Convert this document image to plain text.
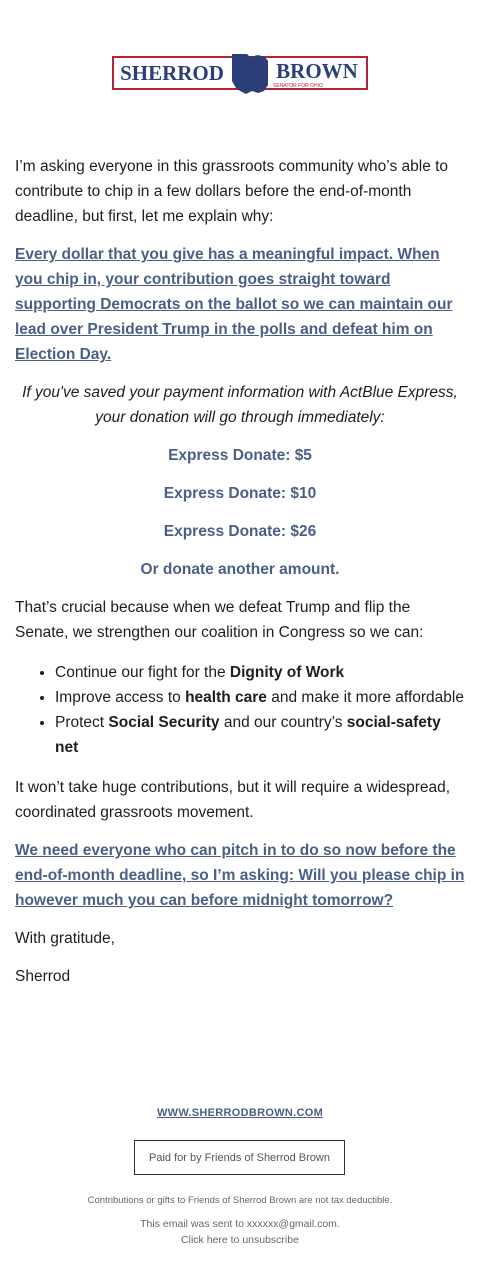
SHERROD BROWN
SENATOR FOR OHIO

I’m asking everyone in this grassroots community who’s able to contribute to chip in a few dollars before the end-of-month deadline, but first, let me explain why:

Every dollar that you give has a meaningful impact. When you chip in, your contribution goes straight toward supporting Democrats on the ballot so we can maintain our lead over President Trump in the polls and defeat him on Election Day.

If you've saved your payment information with ActBlue Express, your donation will go through immediately:

Express Donate: $5

Express Donate: $10

Express Donate: $26

Or donate another amount.

That’s crucial because when we defeat Trump and flip the Senate, we strengthen our coalition in Congress so we can:

• Continue our fight for the Dignity of Work
• Improve access to health care and make it more affordable
• Protect Social Security and our country’s social-safety net

It won’t take huge contributions, but it will require a widespread, coordinated grassroots movement.

We need everyone who can pitch in to do so now before the end-of-month deadline, so I’m asking: Will you please chip in however much you can before midnight tomorrow?

With gratitude,

Sherrod

WWW.SHERRODBROWN.COM
Paid for by Friends of Sherrod Brown
Contributions or gifts to Friends of Sherrod Brown are not tax deductible.
This email was sent to xxxxxx@gmail.com.
Click here to unsubscribe
